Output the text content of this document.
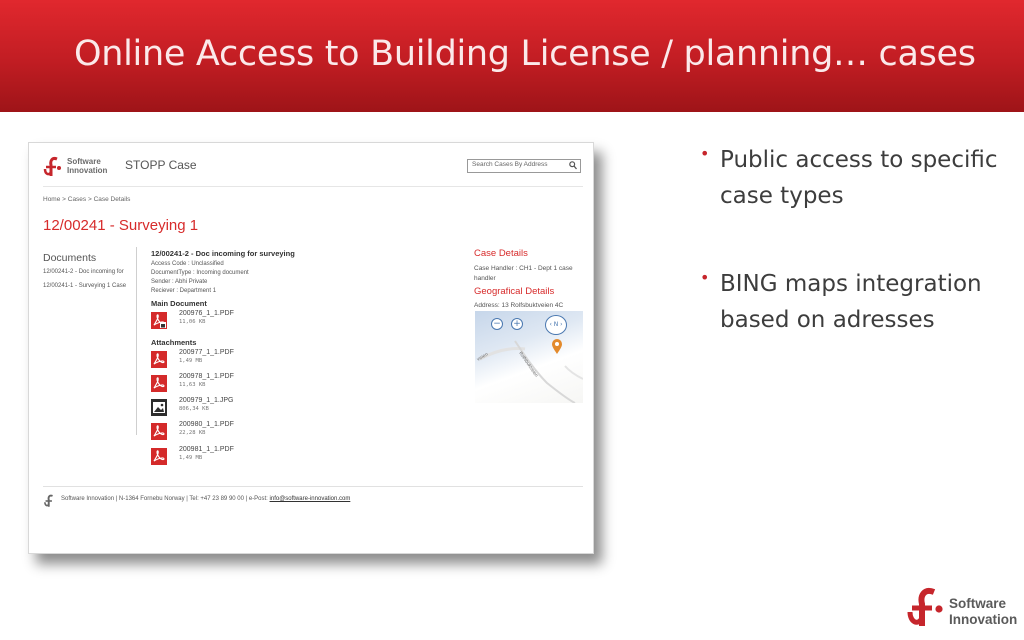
Online Access to Building License / planning… cases
Software
Innovation STOPP Case	Search Cases By Address
Home > Cases > Case Details
12/00241 - Surveying 1
Documents
12/00241-2 - Doc incoming for
12/00241-1 - Surveying 1 Case
12/00241-2 - Doc incoming for surveying
Access Code : Unclassified
DocumentType : Incoming document
Sender : Abhi Private
Reciever : Department 1
Main Document
200976_1_1.PDF
11,06 KB
Attachments
200977_1_1.PDF
1,49 MB
200978_1_1.PDF
11,63 KB
200979_1_1.JPG
806,34 KB
200980_1_1.PDF
22,28 KB
200981_1_1.PDF
1,49 MB
Case Details
Case Handler : CH1 - Dept 1 case handler
Geografical Details
Address: 13 Rolfsbuktveien 4C
− +	‹ N ›
veien	Rolfsbuktveien
Software Innovation | N-1364 Fornebu Norway | Tel: +47 23 89 90 00 | e-Post: info@software-innovation.com
• Public access to specific case types
• BING maps integration based on adresses
Software
Innovation
